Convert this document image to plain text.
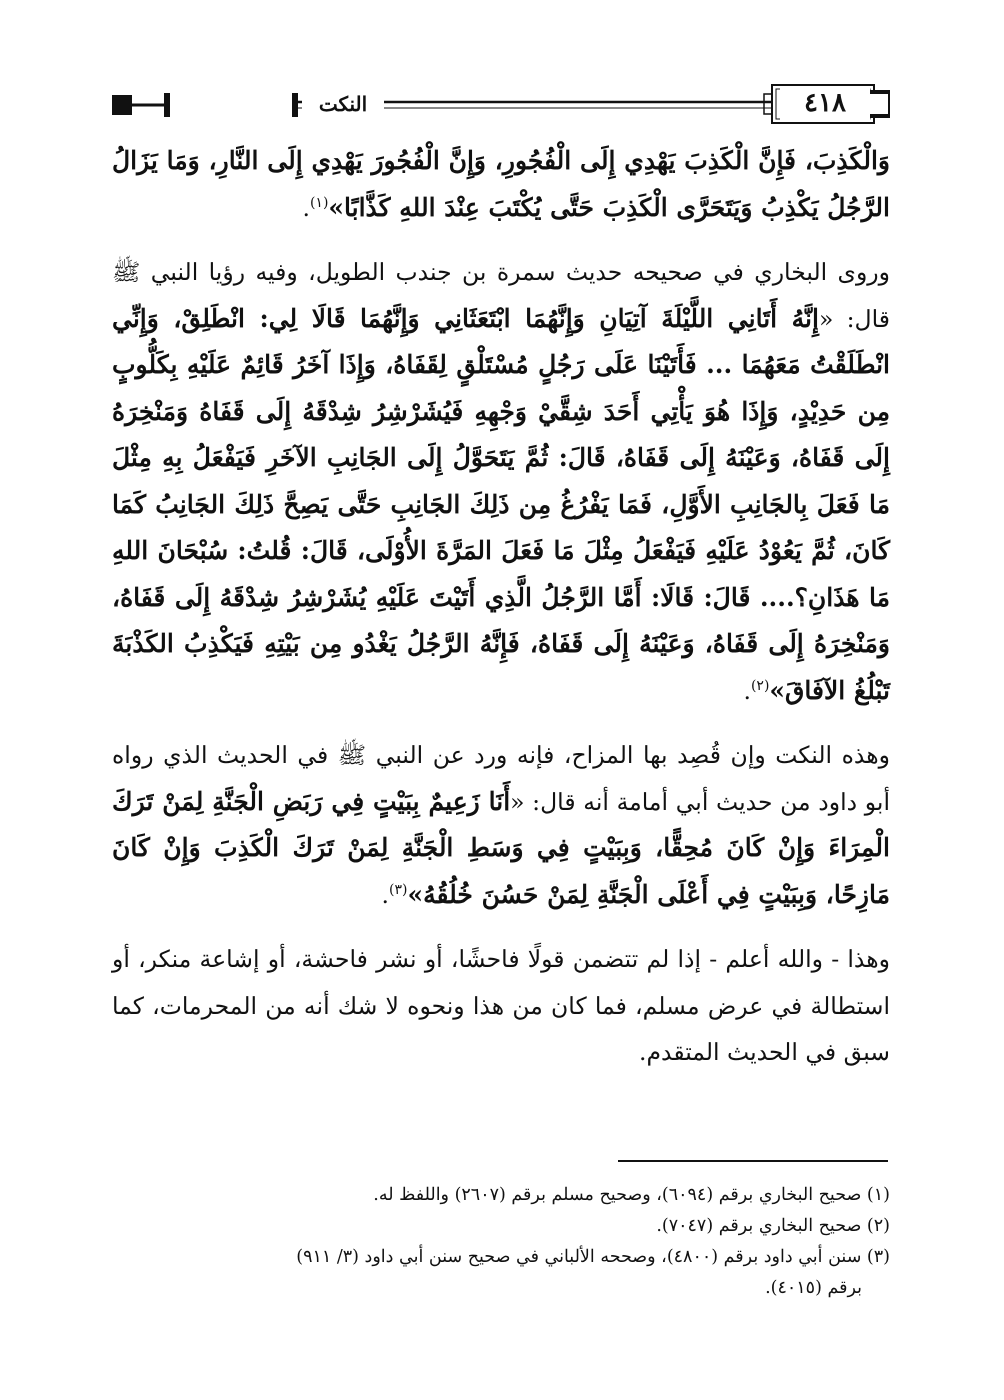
٤١٨
النكت

وَالْكَذِبَ، فَإِنَّ الْكَذِبَ يَهْدِي إِلَى الْفُجُورِ، وَإِنَّ الْفُجُورَ يَهْدِي إِلَى النَّارِ، وَمَا يَزَالُ الرَّجُلُ يَكْذِبُ وَيَتَحَرَّى الْكَذِبَ حَتَّى يُكْتَبَ عِنْدَ اللهِ كَذَّابًا»$^{(١)}$.

وروى البخاري في صحيحه حديث سمرة بن جندب الطويل، وفيه رؤيا النبي ﷺ قال: «إِنَّهُ أَتَانِي اللَّيْلَةَ آتِيَانِ وَإِنَّهُمَا ابْتَعَثَانِي وَإِنَّهُمَا قَالَا لِي: انْطَلِقْ، وَإِنِّي انْطَلَقْتُ مَعَهُمَا ... فَأَتَيْنَا عَلَى رَجُلٍ مُسْتَلْقٍ لِقَفَاهُ، وَإِذَا آخَرُ قَائِمٌ عَلَيْهِ بِكَلُّوبٍ مِن حَدِيْدٍ، وَإِذَا هُوَ يَأْتِي أَحَدَ شِقَّيْ وَجْهِهِ فَيُشَرْشِرُ شِدْقَهُ إِلَى قَفَاهُ وَمَنْخِرَهُ إِلَى قَفَاهُ، وَعَيْنَهُ إِلَى قَفَاهُ، قَالَ: ثُمَّ يَتَحَوَّلُ إِلَى الجَانِبِ الآخَرِ فَيَفْعَلُ بِهِ مِثْلَ مَا فَعَلَ بِالجَانِبِ الأَوَّلِ، فَمَا يَفْرُغُ مِن ذَلِكَ الجَانِبِ حَتَّى يَصِحَّ ذَلِكَ الجَانِبُ كَمَا كَانَ، ثُمَّ يَعُوْدُ عَلَيْهِ فَيَفْعَلُ مِثْلَ مَا فَعَلَ المَرَّةَ الأُوْلَى، قَالَ: قُلتُ: سُبْحَانَ اللهِ مَا هَذَانِ؟.... قَالَ: قَالَا: أَمَّا الرَّجُلُ الَّذِي أَتَيْتَ عَلَيْهِ يُشَرْشِرُ شِدْقَهُ إِلَى قَفَاهُ، وَمَنْخِرَهُ إِلَى قَفَاهُ، وَعَيْنَهُ إِلَى قَفَاهُ، فَإِنَّهُ الرَّجُلُ يَغْدُو مِن بَيْتِهِ فَيَكْذِبُ الكَذْبَةَ تَبْلُغُ الآفَاقَ»$^{(٢)}$.

وهذه النكت وإن قُصِد بها المزاح، فإنه ورد عن النبي ﷺ في الحديث الذي رواه أبو داود من حديث أبي أمامة أنه قال: «أَنَا زَعِيمٌ بِبَيْتٍ فِي رَبَضِ الْجَنَّةِ لِمَنْ تَرَكَ الْمِرَاءَ وَإِنْ كَانَ مُحِقًّا، وَبِبَيْتٍ فِي وَسَطِ الْجَنَّةِ لِمَنْ تَرَكَ الْكَذِبَ وَإِنْ كَانَ مَازِحًا، وَبِبَيْتٍ فِي أَعْلَى الْجَنَّةِ لِمَنْ حَسُنَ خُلُقُهُ»$^{(٣)}$.

وهذا - والله أعلم - إذا لم تتضمن قولًا فاحشًا، أو نشر فاحشة، أو إشاعة منكر، أو استطالة في عرض مسلم، فما كان من هذا ونحوه لا شك أنه من المحرمات، كما سبق في الحديث المتقدم.

(١) صحيح البخاري برقم (٦٠٩٤)، وصحيح مسلم برقم (٢٦٠٧) واللفظ له.

(٢) صحيح البخاري برقم (٧٠٤٧).

(٣) سنن أبي داود برقم (٤٨٠٠)، وصححه الألباني في صحيح سنن أبي داود (٣/ ٩١١)

برقم (٤٠١٥).
